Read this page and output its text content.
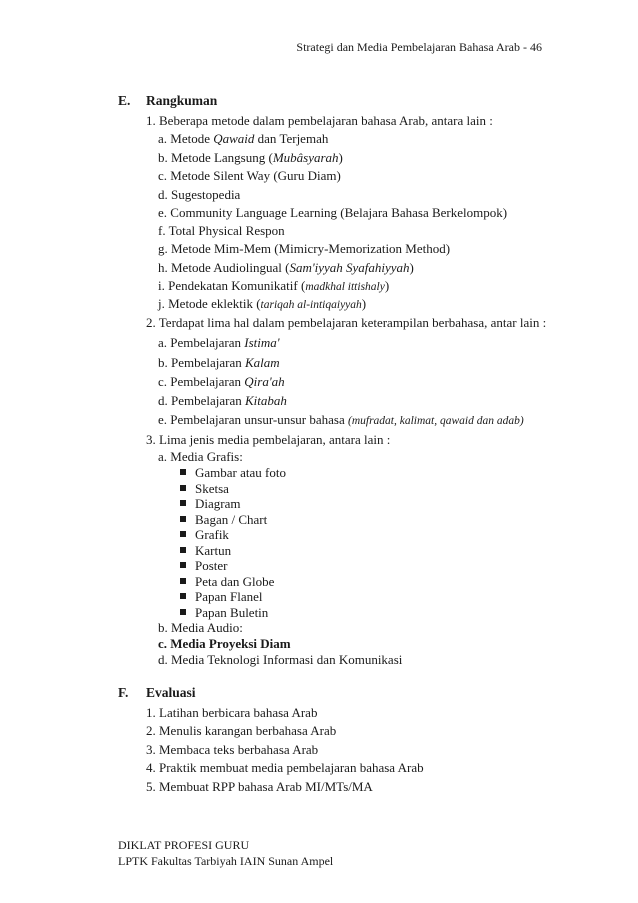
Strategi dan Media Pembelajaran Bahasa Arab - 46
E. Rangkuman
1. Beberapa metode dalam pembelajaran bahasa Arab, antara lain :
a. Metode Qawaid dan Terjemah
b. Metode Langsung (Mubâsyarah)
c. Metode Silent Way (Guru Diam)
d. Sugestopedia
e. Community Language Learning (Belajara Bahasa Berkelompok)
f. Total Physical Respon
g. Metode Mim-Mem (Mimicry-Memorization Method)
h. Metode Audiolingual (Sam'iyyah Syafahiyyah)
i. Pendekatan Komunikatif (madkhal ittishaly)
j. Metode eklektik (tariqah al-intiqaiyyah)
2. Terdapat lima hal dalam pembelajaran keterampilan berbahasa, antar lain :
a. Pembelajaran Istima'
b. Pembelajaran Kalam
c. Pembelajaran Qira'ah
d. Pembelajaran Kitabah
e. Pembelajaran unsur-unsur bahasa (mufradat, kalimat, qawaid dan adab)
3. Lima jenis media pembelajaran, antara lain :
a. Media Grafis:
Gambar atau foto
Sketsa
Diagram
Bagan / Chart
Grafik
Kartun
Poster
Peta dan Globe
Papan Flanel
Papan Buletin
b. Media Audio:
c. Media Proyeksi Diam
d. Media Teknologi Informasi dan Komunikasi
F. Evaluasi
1. Latihan berbicara bahasa Arab
2. Menulis karangan berbahasa Arab
3. Membaca teks berbahasa Arab
4. Praktik membuat media pembelajaran bahasa Arab
5. Membuat RPP bahasa Arab MI/MTs/MA
DIKLAT PROFESI GURU
LPTK Fakultas Tarbiyah IAIN Sunan Ampel
